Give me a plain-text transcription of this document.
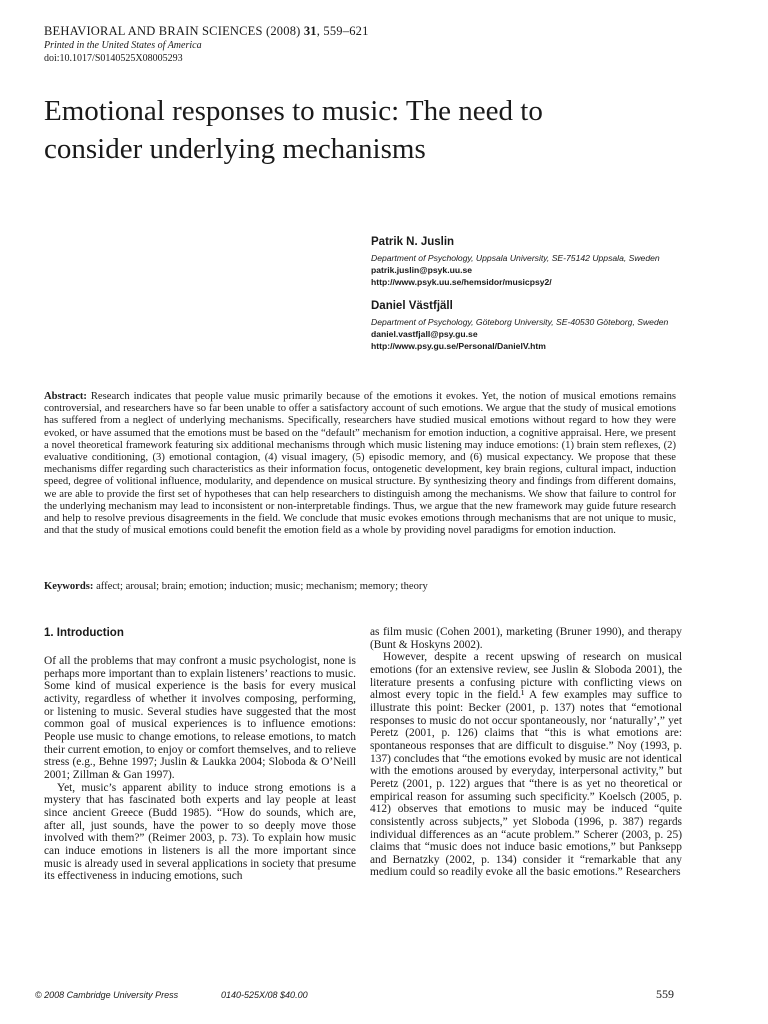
BEHAVIORAL AND BRAIN SCIENCES (2008) 31, 559–621
Printed in the United States of America
doi:10.1017/S0140525X08005293
Emotional responses to music: The need to consider underlying mechanisms
Patrik N. Juslin
Department of Psychology, Uppsala University, SE-75142 Uppsala, Sweden
patrik.juslin@psyk.uu.se
http://www.psyk.uu.se/hemsidor/musicpsy2/
Daniel Västfjäll
Department of Psychology, Göteborg University, SE-40530 Göteborg, Sweden
daniel.vastfjall@psy.gu.se
http://www.psy.gu.se/Personal/DanielV.htm

Abstract: Research indicates that people value music primarily because of the emotions it evokes. Yet, the notion of musical emotions remains controversial, and researchers have so far been unable to offer a satisfactory account of such emotions. We argue that the study of musical emotions has suffered from a neglect of underlying mechanisms. Specifically, researchers have studied musical emotions without regard to how they were evoked, or have assumed that the emotions must be based on the “default” mechanism for emotion induction, a cognitive appraisal. Here, we present a novel theoretical framework featuring six additional mechanisms through which music listening may induce emotions: (1) brain stem reflexes, (2) evaluative conditioning, (3) emotional contagion, (4) visual imagery, (5) episodic memory, and (6) musical expectancy. We propose that these mechanisms differ regarding such characteristics as their information focus, ontogenetic development, key brain regions, cultural impact, induction speed, degree of volitional influence, modularity, and dependence on musical structure. By synthesizing theory and findings from different domains, we are able to provide the first set of hypotheses that can help researchers to distinguish among the mechanisms. We show that failure to control for the underlying mechanism may lead to inconsistent or non-interpretable findings. Thus, we argue that the new framework may guide future research and help to resolve previous disagreements in the field. We conclude that music evokes emotions through mechanisms that are not unique to music, and that the study of musical emotions could benefit the emotion field as a whole by providing novel paradigms for emotion induction.

Keywords: affect; arousal; brain; emotion; induction; music; mechanism; memory; theory

1. Introduction

Of all the problems that may confront a music psychologist, none is perhaps more important than to explain listeners’ reactions to music. Some kind of musical experience is the basis for every musical activity, regardless of whether it involves composing, performing, or listening to music. Several studies have suggested that the most common goal of musical experiences is to influence emotions: People use music to change emotions, to release emotions, to match their current emotion, to enjoy or comfort themselves, and to relieve stress (e.g., Behne 1997; Juslin & Laukka 2004; Sloboda & O’Neill 2001; Zillman & Gan 1997).

Yet, music’s apparent ability to induce strong emotions is a mystery that has fascinated both experts and lay people at least since ancient Greece (Budd 1985). “How do sounds, which are, after all, just sounds, have the power to so deeply move those involved with them?” (Reimer 2003, p. 73). To explain how music can induce emotions in listeners is all the more important since music is already used in several applications in society that presume its effectiveness in inducing emotions, such

as film music (Cohen 2001), marketing (Bruner 1990), and therapy (Bunt & Hoskyns 2002).

However, despite a recent upswing of research on musical emotions (for an extensive review, see Juslin & Sloboda 2001), the literature presents a confusing picture with conflicting views on almost every topic in the field.¹ A few examples may suffice to illustrate this point: Becker (2001, p. 137) notes that “emotional responses to music do not occur spontaneously, nor ‘naturally’,” yet Peretz (2001, p. 126) claims that “this is what emotions are: spontaneous responses that are difficult to disguise.” Noy (1993, p. 137) concludes that “the emotions evoked by music are not identical with the emotions aroused by everyday, interpersonal activity,” but Peretz (2001, p. 122) argues that “there is as yet no theoretical or empirical reason for assuming such specificity.” Koelsch (2005, p. 412) observes that emotions to music may be induced “quite consistently across subjects,” yet Sloboda (1996, p. 387) regards individual differences as an “acute problem.” Scherer (2003, p. 25) claims that “music does not induce basic emotions,” but Panksepp and Bernatzky (2002, p. 134) consider it “remarkable that any medium could so readily evoke all the basic emotions.” Researchers

© 2008 Cambridge University Press	0140-525X/08 $40.00	559
